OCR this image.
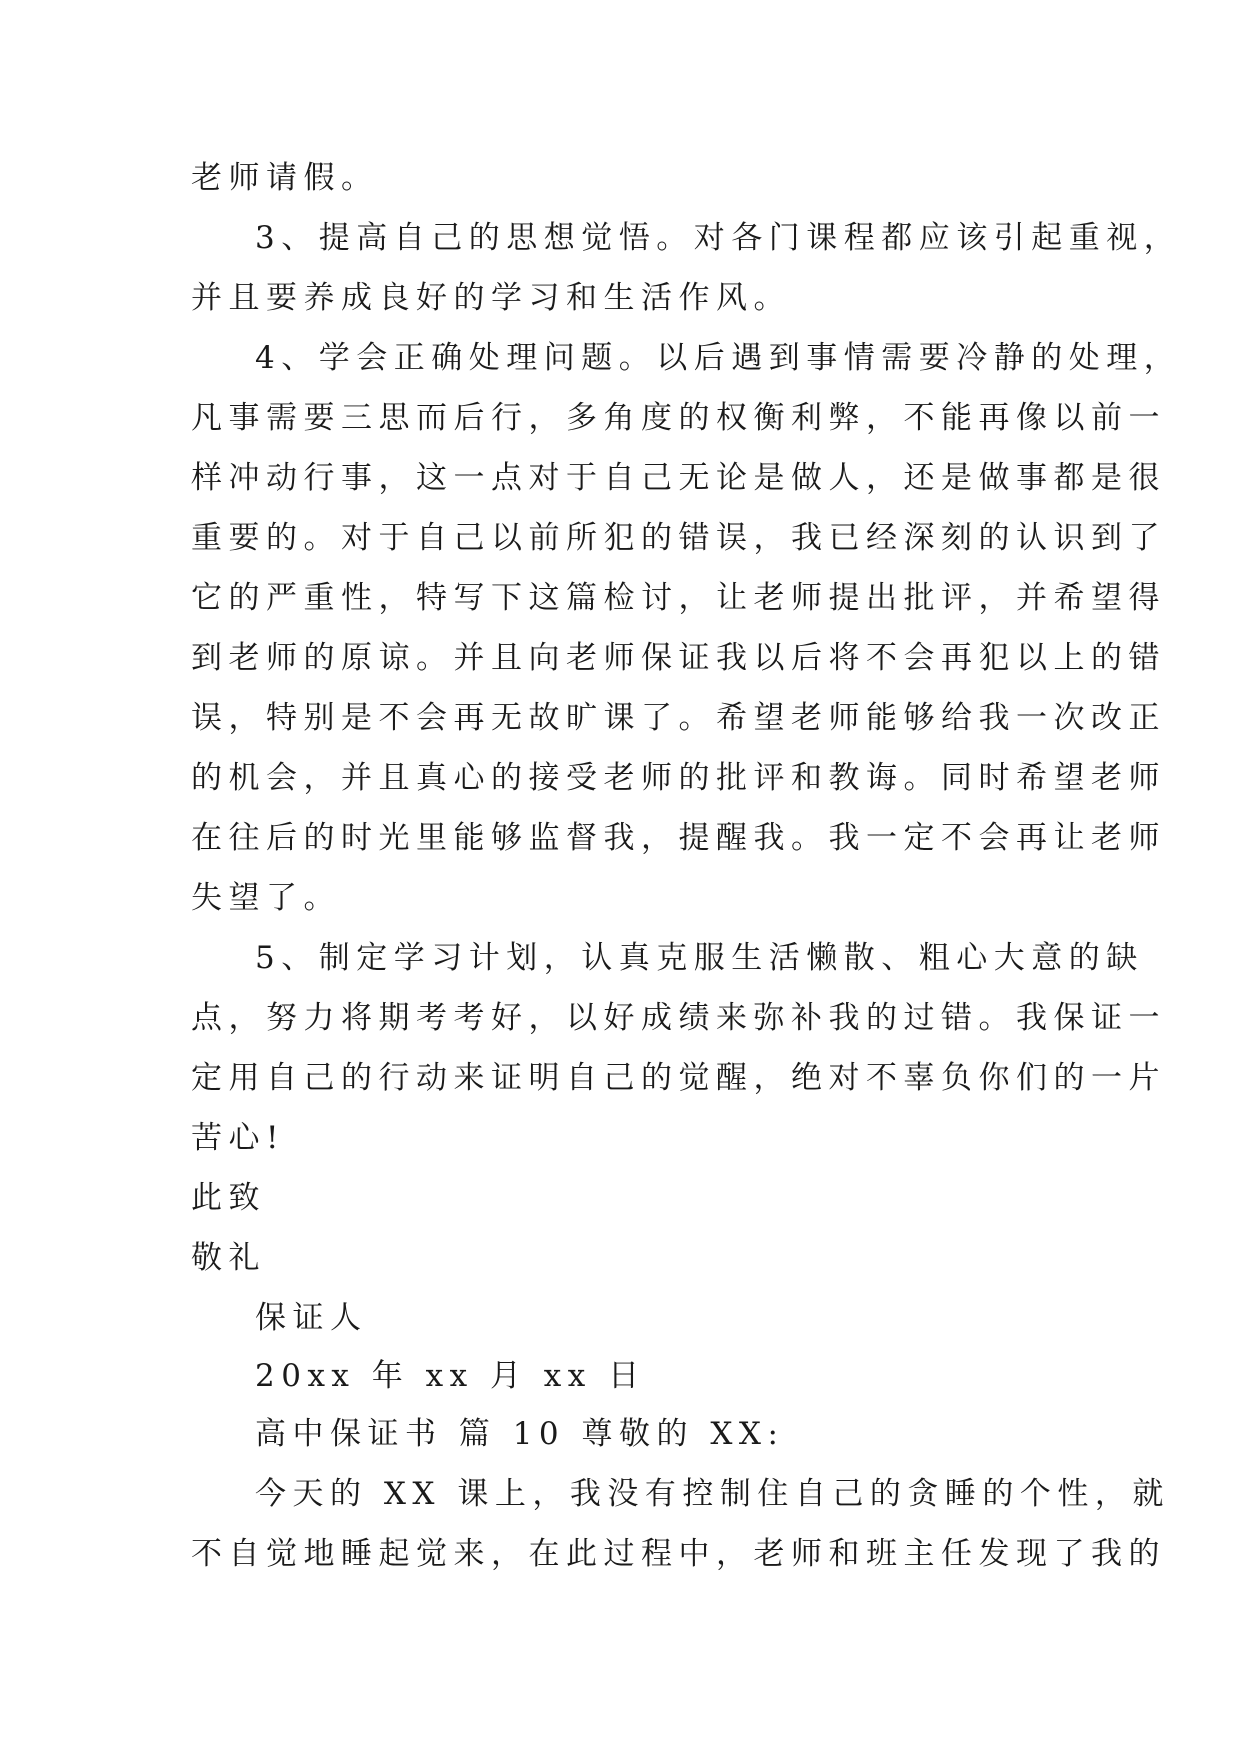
老师请假。

3、提高自己的思想觉悟。对各门课程都应该引起重视，

并且要养成良好的学习和生活作风。

4、学会正确处理问题。以后遇到事情需要冷静的处理，

凡事需要三思而后行，多角度的权衡利弊，不能再像以前一

样冲动行事，这一点对于自己无论是做人，还是做事都是很

重要的。对于自己以前所犯的错误，我已经深刻的认识到了

它的严重性，特写下这篇检讨，让老师提出批评，并希望得

到老师的原谅。并且向老师保证我以后将不会再犯以上的错

误，特别是不会再无故旷课了。希望老师能够给我一次改正

的机会，并且真心的接受老师的批评和教诲。同时希望老师

在往后的时光里能够监督我，提醒我。我一定不会再让老师

失望了。

5、制定学习计划，认真克服生活懒散、粗心大意的缺

点，努力将期考考好，以好成绩来弥补我的过错。我保证一

定用自己的行动来证明自己的觉醒，绝对不辜负你们的一片

苦心!

此致

敬礼

保证人

20xx 年 xx 月 xx 日

高中保证书 篇 10 尊敬的 XX:

今天的 XX 课上，我没有控制住自己的贪睡的个性，就

不自觉地睡起觉来，在此过程中，老师和班主任发现了我的
